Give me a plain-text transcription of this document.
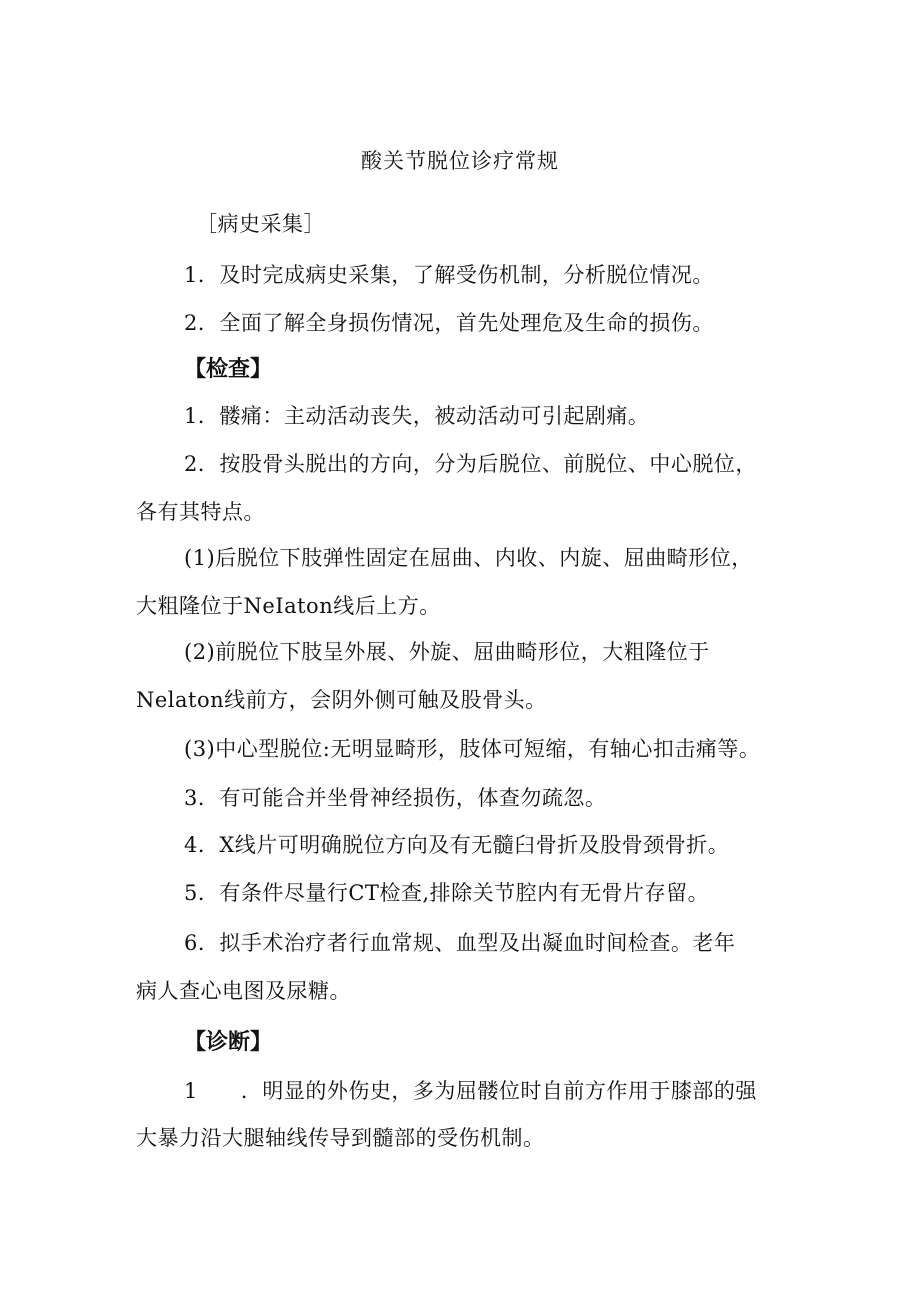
酸关节脱位诊疗常规
［病史采集］
1．及时完成病史采集，了解受伤机制，分析脱位情况。
2．全面了解全身损伤情况，首先处理危及生命的损伤。
【检查】
1．髅痛：主动活动丧失，被动活动可引起剧痛。
2．按股骨头脱出的方向，分为后脱位、前脱位、中心脱位，
各有其特点。
(1)后脱位下肢弹性固定在屈曲、内收、内旋、屈曲畸形位，
大粗隆位于NeIaton线后上方。
(2)前脱位下肢呈外展、外旋、屈曲畸形位，大粗隆位于
Nelaton线前方，会阴外侧可触及股骨头。
(3)中心型脱位:无明显畸形，肢体可短缩，有轴心扣击痛等。
3．有可能合并坐骨神经损伤，体查勿疏忽。
4．X线片可明确脱位方向及有无髓臼骨折及股骨颈骨折。
5．有条件尽量行CT检查,排除关节腔内有无骨片存留。
6．拟手术治疗者行血常规、血型及出凝血时间检查。老年
病人查心电图及尿糖。
【诊断】
1　　．明显的外伤史，多为屈髅位时自前方作用于膝部的强
大暴力沿大腿轴线传导到髓部的受伤机制。
